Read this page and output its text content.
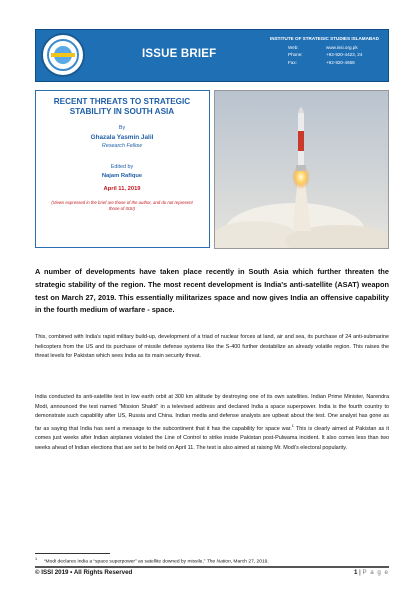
ISSUE BRIEF
INSTITUTE OF STRATEGIC STUDIES ISLAMABAD
Web:	www.issi.org.pk
Phone:	+92-920-4423, 24
Fax:	+92-920-4658
RECENT THREATS TO STRATEGIC STABILITY IN SOUTH ASIA
By
Ghazala Yasmin Jalil
Research Fellow
Edited by
Najam Rafique
April 11, 2019
(Views expressed in the brief are those of the author, and do not represent those of ISSI)

A number of developments have taken place recently in South Asia which further threaten the strategic stability of the region. The most recent development is India's anti-satellite (ASAT) weapon test on March 27, 2019. This essentially militarizes space and now gives India an offensive capability in the fourth medium of warfare - space.

This, combined with India's rapid military build-up, development of a triad of nuclear forces at land, air and sea, its purchase of 24 anti-submarine helicopters from the US and its purchase of missile defense systems like the S-400 further destabilize an already volatile region. This raises the threat levels for Pakistan which sees India as its main security threat.

India conducted its anti-satellite test in low earth orbit at 300 km altitude by destroying one of its own satellites. Indian Prime Minister, Narendra Modi, announced the test named "Mission Shakti" in a televised address and declared India a space superpower. India is the fourth country to demonstrate such capability after US, Russia and China. Indian media and defense analysts are upbeat about the test. One analyst has gone as far as saying that India has sent a message to the subcontinent that it has the capability for space war.$^1$ This is clearly aimed at Pakistan as it comes just weeks after Indian airplanes violated the Line of Control to strike inside Pakistan post-Pulwama incident. It also comes less than two weeks ahead of Indian elections that are set to be held on April 11. The test is also aimed at raising Mr. Modi's electoral popularity.

$^1$     “Modi declares India a “space superpower” as satellite downed by missile,” The Nation, March 27, 2019.
© ISSI 2019 • All Rights Reserved	1 | P a g e
